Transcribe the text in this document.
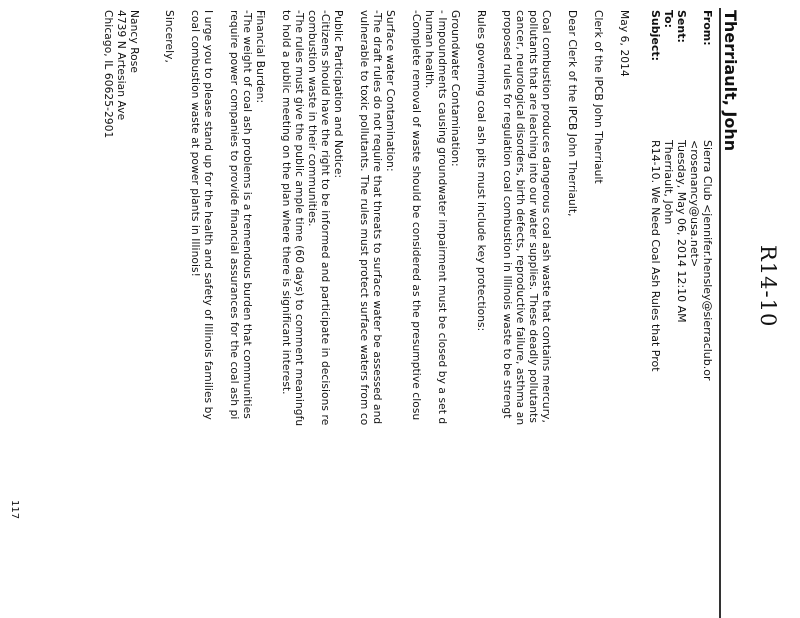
R14-10
Therriault, John
From:
Sierra Club <jennifer.hensley@sierraclub.or
<rosenancy@usa.net>
Sent:
Tuesday, May 06, 2014 12:10 AM
To:
Therriault, John
Subject:
R14-10. We Need Coal Ash Rules that Prot
May 6, 2014
Clerk of the IPCB John Therriault
Dear Clerk of the IPCB John Therriault,
Coal combustion produces dangerous coal ash waste that contains mercury,
pollutants that are leaching into our water supplies. These deadly pollutants
cancer, neurological disorders, birth defects, reproductive failure, asthma an
proposed rules for regulation coal combustion in Illinois waste to be strengt
Rules governing coal ash pits must include key protections:
Groundwater Contamination:
- Impoundments causing groundwater impairment must be closed by a set d
human health.
-Complete removal of waste should be considered as the presumptive closu
Surface water Contamination:
-The draft rules do not require that threats to surface water be assessed and
vulnerable to toxic pollutants. The rules must protect surface waters from co
Public Participation and Notice:
-Citizens should have the right to be informed and participate in decisions re
combustion waste in their communities.
-The rules must give the public ample time (60 days) to comment meaningfu
to hold a public meeting on the plan where there is significant interest.
Financial Burden:
-The weight of coal ash problems is a tremendous burden that communities
require power companies to provide financial assurances for the coal ash pi
I urge you to please stand up for the health and safety of Illinois families by
coal combustion waste at power plants in Illinois!
Sincerely,
Nancy Rose
4739 N Artesian Ave
Chicago, IL 60625-2901
117
